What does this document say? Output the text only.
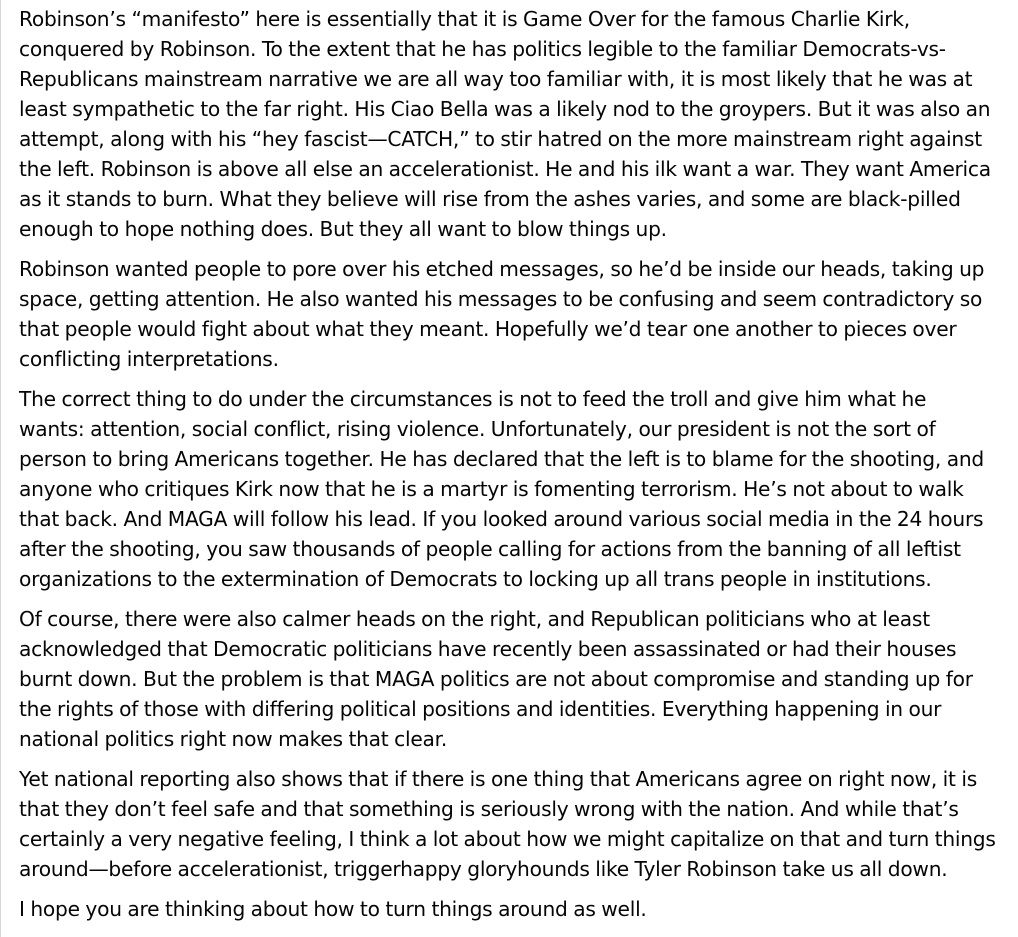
Robinson’s “manifesto” here is essentially that it is Game Over for the famous Charlie Kirk,
conquered by Robinson. To the extent that he has politics legible to the familiar Democrats-vs-
Republicans mainstream narrative we are all way too familiar with, it is most likely that he was at
least sympathetic to the far right. His Ciao Bella was a likely nod to the groypers. But it was also an
attempt, along with his “hey fascist—CATCH,” to stir hatred on the more mainstream right against
the left. Robinson is above all else an accelerationist. He and his ilk want a war. They want America
as it stands to burn. What they believe will rise from the ashes varies, and some are black-pilled
enough to hope nothing does. But they all want to blow things up.

Robinson wanted people to pore over his etched messages, so he’d be inside our heads, taking up
space, getting attention. He also wanted his messages to be confusing and seem contradictory so
that people would fight about what they meant. Hopefully we’d tear one another to pieces over
conflicting interpretations.

The correct thing to do under the circumstances is not to feed the troll and give him what he
wants: attention, social conflict, rising violence. Unfortunately, our president is not the sort of
person to bring Americans together. He has declared that the left is to blame for the shooting, and
anyone who critiques Kirk now that he is a martyr is fomenting terrorism. He’s not about to walk
that back. And MAGA will follow his lead. If you looked around various social media in the 24 hours
after the shooting, you saw thousands of people calling for actions from the banning of all leftist
organizations to the extermination of Democrats to locking up all trans people in institutions.

Of course, there were also calmer heads on the right, and Republican politicians who at least
acknowledged that Democratic politicians have recently been assassinated or had their houses
burnt down. But the problem is that MAGA politics are not about compromise and standing up for
the rights of those with differing political positions and identities. Everything happening in our
national politics right now makes that clear.

Yet national reporting also shows that if there is one thing that Americans agree on right now, it is
that they don’t feel safe and that something is seriously wrong with the nation. And while that’s
certainly a very negative feeling, I think a lot about how we might capitalize on that and turn things
around—before accelerationist, triggerhappy gloryhounds like Tyler Robinson take us all down.

I hope you are thinking about how to turn things around as well.
